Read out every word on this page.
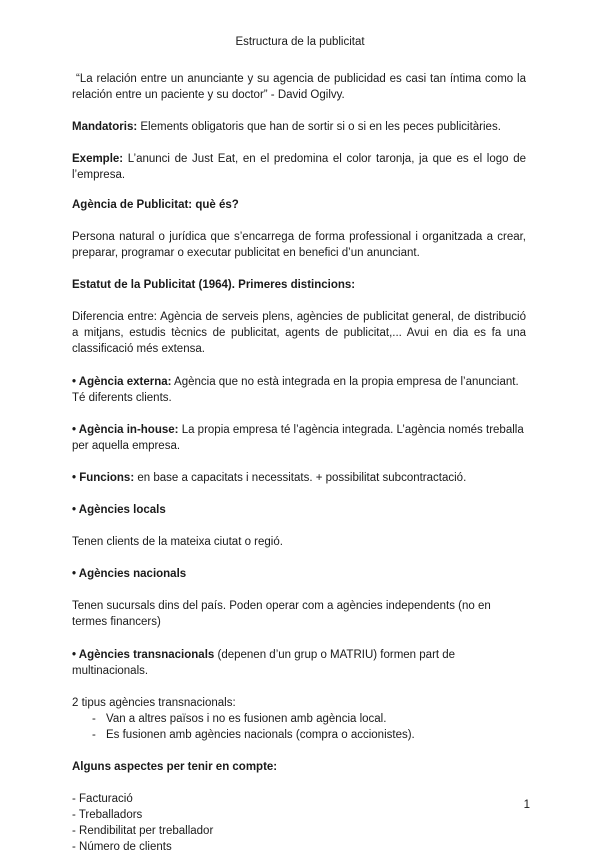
Estructura de la publicitat

“La relación entre un anunciante y su agencia de publicidad es casi tan íntima como la relación entre un paciente y su doctor” - David Ogilvy.

Mandatoris: Elements obligatoris que han de sortir si o si en les peces publicitàries.

Exemple: L’anunci de Just Eat, en el predomina el color taronja, ja que es el logo de l’empresa.

Agència de Publicitat: què és?

Persona natural o jurídica que s’encarrega de forma professional i organitzada a crear, preparar, programar o executar publicitat en benefici d’un anunciant.

Estatut de la Publicitat (1964). Primeres distincions:

Diferencia entre: Agència de serveis plens, agències de publicitat general, de distribució a mitjans, estudis tècnics de publicitat, agents de publicitat,... Avui en dia es fa una classificació més extensa.

• Agència externa: Agència que no està integrada en la propia empresa de l’anunciant. Té diferents clients.

• Agència in-house: La propia empresa té l’agència integrada. L’agència només treballa per aquella empresa.

• Funcions: en base a capacitats i necessitats. + possibilitat subcontractació.

• Agències locals

Tenen clients de la mateixa ciutat o regió.

• Agències nacionals

Tenen sucursals dins del país. Poden operar com a agències independents (no en termes financers)

• Agències transnacionals (depenen d’un grup o MATRIU) formen part de multinacionals.

2 tipus agències transnacionals:

- Van a altres països i no es fusionen amb agència local.
- Es fusionen amb agències nacionals (compra o accionistes).

Alguns aspectes per tenir en compte:

- Facturació
- Treballadors
- Rendibilitat per treballador
- Número de clients
1
